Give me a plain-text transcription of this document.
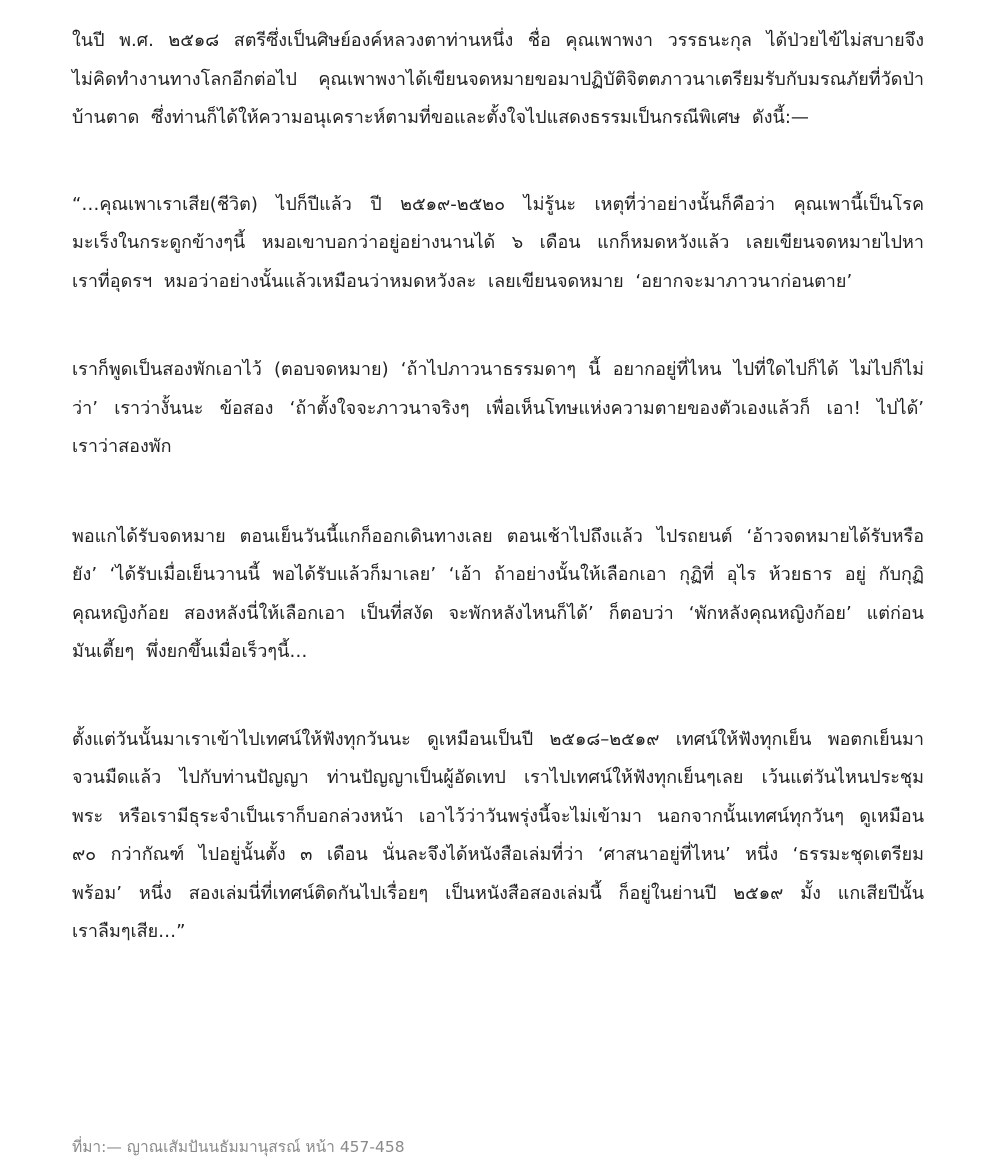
ในปี พ.ศ. ๒๕๑๘ สตรีซึ่งเป็นศิษย์องค์หลวงตาท่านหนึ่ง ชื่อ คุณเพาพงา วรรธนะกุล ได้ป่วยไข้ไม่สบายจึงไม่คิดทำงานทางโลกอีกต่อไป คุณเพาพงาได้เขียนจดหมายขอมาปฏิบัติจิตตภาวนาเตรียมรับกับมรณภัยที่วัดป่าบ้านตาด ซึ่งท่านก็ได้ให้ความอนุเคราะห์ตามที่ขอและตั้งใจไปแสดงธรรมเป็นกรณีพิเศษ ดังนี้:—

“…คุณเพาเราเสีย(ชีวิต) ไปก็ปีแล้ว ปี ๒๕๑๙-๒๕๒๐ ไม่รู้นะ เหตุที่ว่าอย่างนั้นก็คือว่า คุณเพานี้เป็นโรคมะเร็งในกระดูกข้างๆนี้ หมอเขาบอกว่าอยู่อย่างนานได้ ๖ เดือน แกก็หมดหวังแล้ว เลยเขียนจดหมายไปหาเราที่อุดรฯ หมอว่าอย่างนั้นแล้วเหมือนว่าหมดหวังละ เลยเขียนจดหมาย ‘อยากจะมาภาวนาก่อนตาย’

เราก็พูดเป็นสองพักเอาไว้ (ตอบจดหมาย) ‘ถ้าไปภาวนาธรรมดาๆ นี้ อยากอยู่ที่ไหน ไปที่ใดไปก็ได้ ไม่ไปก็ไม่ว่า’ เราว่างั้นนะ ข้อสอง ‘ถ้าตั้งใจจะภาวนาจริงๆ เพื่อเห็นโทษแห่งความตายของตัวเองแล้วก็ เอา! ไปได้’ เราว่าสองพัก

พอแกได้รับจดหมาย ตอนเย็นวันนี้แกก็ออกเดินทางเลย ตอนเช้าไปถึงแล้ว ไปรถยนต์ ‘อ้าวจดหมายได้รับหรือยัง’ ‘ได้รับเมื่อเย็นวานนี้ พอได้รับแล้วก็มาเลย’ ‘เอ้า ถ้าอย่างนั้นให้เลือกเอา กุฏิที่ อุไร ห้วยธาร อยู่ กับกุฏิคุณหญิงก้อย สองหลังนี่ให้เลือกเอา เป็นที่สงัด จะพักหลังไหนก็ได้’ ก็ตอบว่า ‘พักหลังคุณหญิงก้อย’ แต่ก่อนมันเตี้ยๆ พึ่งยกขึ้นเมื่อเร็วๆนี้…

ตั้งแต่วันนั้นมาเราเข้าไปเทศน์ให้ฟังทุกวันนะ ดูเหมือนเป็นปี ๒๕๑๘–๒๕๑๙ เทศน์ให้ฟังทุกเย็น พอตกเย็นมาจวนมืดแล้ว ไปกับท่านปัญญา ท่านปัญญาเป็นผู้อัดเทป เราไปเทศน์ให้ฟังทุกเย็นๆเลย เว้นแต่วันไหนประชุมพระ หรือเรามีธุระจำเป็นเราก็บอกล่วงหน้า เอาไว้ว่าวันพรุ่งนี้จะไม่เข้ามา นอกจากนั้นเทศน์ทุกวันๆ ดูเหมือน ๙๐ กว่ากัณฑ์ ไปอยู่นั้นตั้ง ๓ เดือน นั่นละจึงได้หนังสือเล่มที่ว่า ‘ศาสนาอยู่ที่ไหน’ หนึ่ง ‘ธรรมะชุดเตรียมพร้อม’ หนึ่ง สองเล่มนี่ที่เทศน์ติดกันไปเรื่อยๆ เป็นหนังสือสองเล่มนี้ ก็อยู่ในย่านปี ๒๕๑๙ มั้ง แกเสียปีนั้น เราลืมๆเสีย…”

ที่มา:— ญาณเสัมปันนธัมมานุสรณ์ หน้า 457-458
